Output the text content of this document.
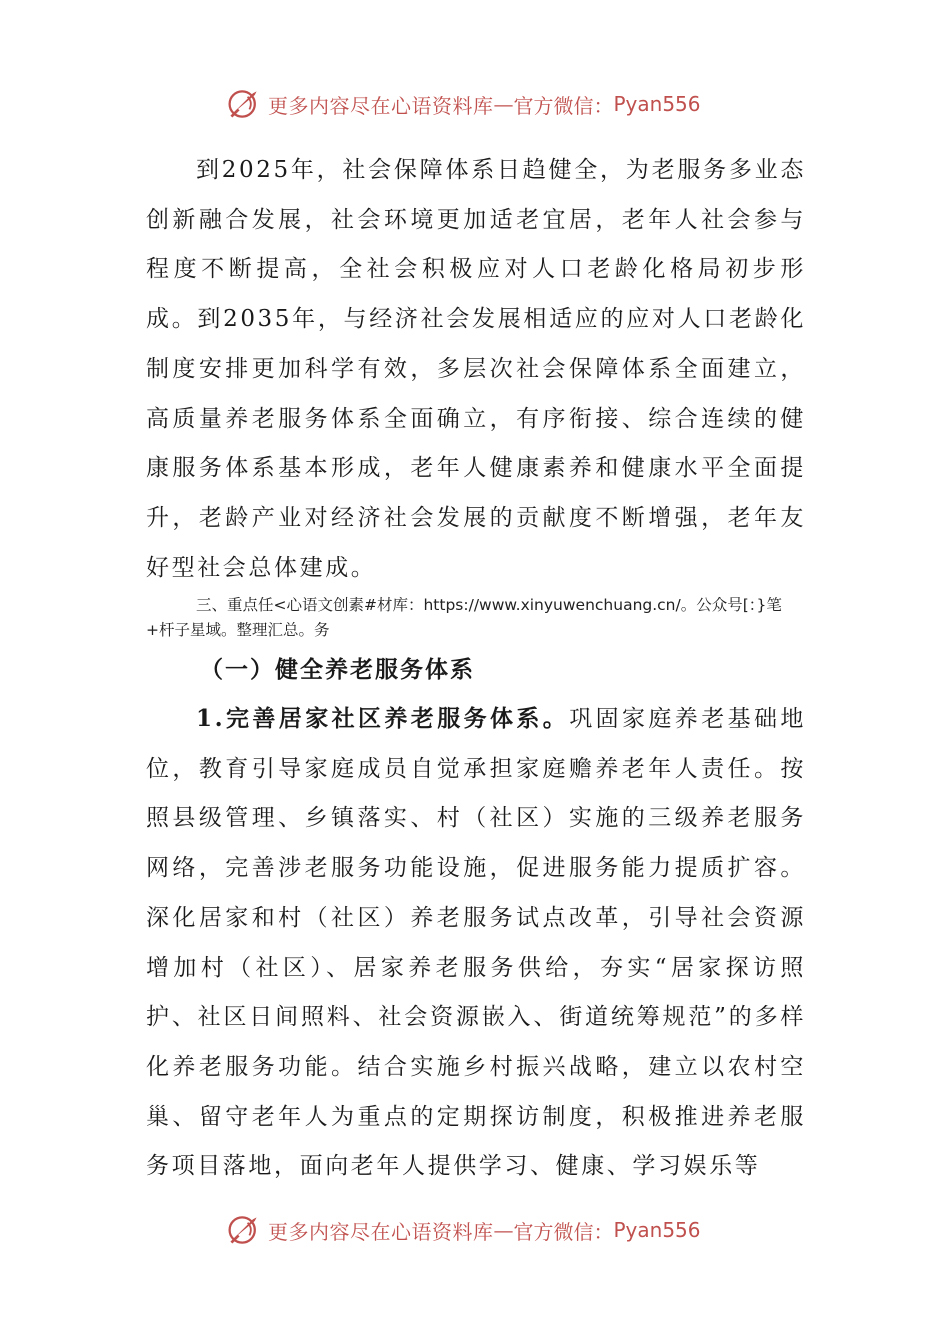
更多内容尽在心语资料库 — 官方微信： Pyan556

到2025年，社会保障体系日趋健全，为老服务多业态创新融合发展，社会环境更加适老宜居，老年人社会参与程度不断提高，全社会积极应对人口老龄化格局初步形成。到2035年，与经济社会发展相适应的应对人口老龄化制度安排更加科学有效，多层次社会保障体系全面建立，高质量养老服务体系全面确立，有序衔接、综合连续的健康服务体系基本形成，老年人健康素养和健康水平全面提升，老龄产业对经济社会发展的贡献度不断增强，老年友好型社会总体建成。

三、重点任<心语文创素#材库：https://www.xinyuwenchuang.cn/。公众号[：}笔+杆子星域。整理汇总。务

（一）健全养老服务体系

1.完善居家社区养老服务体系。巩固家庭养老基础地位，教育引导家庭成员自觉承担家庭赡养老年人责任。按照县级管理、乡镇落实、村（社区）实施的三级养老服务网络，完善涉老服务功能设施，促进服务能力提质扩容。深化居家和村（社区）养老服务试点改革，引导社会资源增加村（社区）、居家养老服务供给，夯实“居家探访照护、社区日间照料、社会资源嵌入、街道统筹规范”的多样化养老服务功能。结合实施乡村振兴战略，建立以农村空巢、留守老年人为重点的定期探访制度，积极推进养老服务项目落地，面向老年人提供学习、健康、学习娱乐等

更多内容尽在心语资料库 — 官方微信： Pyan556
